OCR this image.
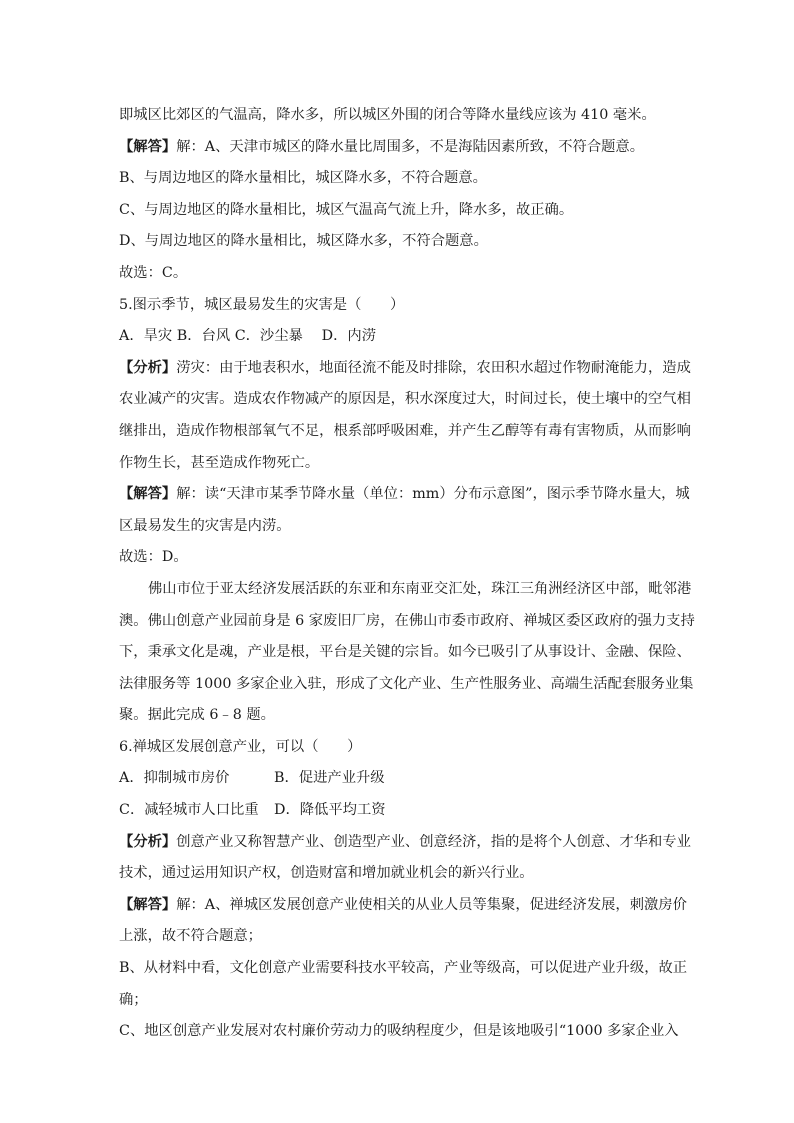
即城区比郊区的气温高，降水多，所以城区外围的闭合等降水量线应该为 410 毫米。
【解答】解：A、天津市城区的降水量比周围多，不是海陆因素所致，不符合题意。
B、与周边地区的降水量相比，城区降水多，不符合题意。
C、与周边地区的降水量相比，城区气温高气流上升，降水多，故正确。
D、与周边地区的降水量相比，城区降水多，不符合题意。
故选：C。
5.图示季节，城区最易发生的灾害是（　　）
A．旱灾 B．台风 C．沙尘暴　 D．内涝
【分析】涝灾：由于地表积水，地面径流不能及时排除，农田积水超过作物耐淹能力，造成
农业减产的灾害。造成农作物减产的原因是，积水深度过大，时间过长，使土壤中的空气相
继排出，造成作物根部氧气不足，根系部呼吸困难，并产生乙醇等有毒有害物质，从而影响
作物生长，甚至造成作物死亡。
【解答】解：读“天津市某季节降水量（单位：mm）分布示意图”，图示季节降水量大，城
区最易发生的灾害是内涝。
故选：D。
佛山市位于亚太经济发展活跃的东亚和东南亚交汇处，珠江三角洲经济区中部，毗邻港
澳。佛山创意产业园前身是 6 家废旧厂房，在佛山市委市政府、禅城区委区政府的强力支持
下，秉承文化是魂，产业是根，平台是关键的宗旨。如今已吸引了从事设计、金融、保险、
法律服务等 1000 多家企业入驻，形成了文化产业、生产性服务业、高端生活配套服务业集
聚。据此完成 6﹣8 题。
6.禅城区发展创意产业，可以（　　）
A．抑制城市房价	B．促进产业升级
C．减轻城市人口比重 D．降低平均工资
【分析】创意产业又称智慧产业、创造型产业、创意经济，指的是将个人创意、才华和专业
技术，通过运用知识产权，创造财富和增加就业机会的新兴行业。
【解答】解：A、禅城区发展创意产业使相关的从业人员等集聚，促进经济发展，刺激房价
上涨，故不符合题意；
B、从材料中看，文化创意产业需要科技水平较高，产业等级高，可以促进产业升级，故正
确；
C、地区创意产业发展对农村廉价劳动力的吸纳程度少，但是该地吸引“1000 多家企业入
